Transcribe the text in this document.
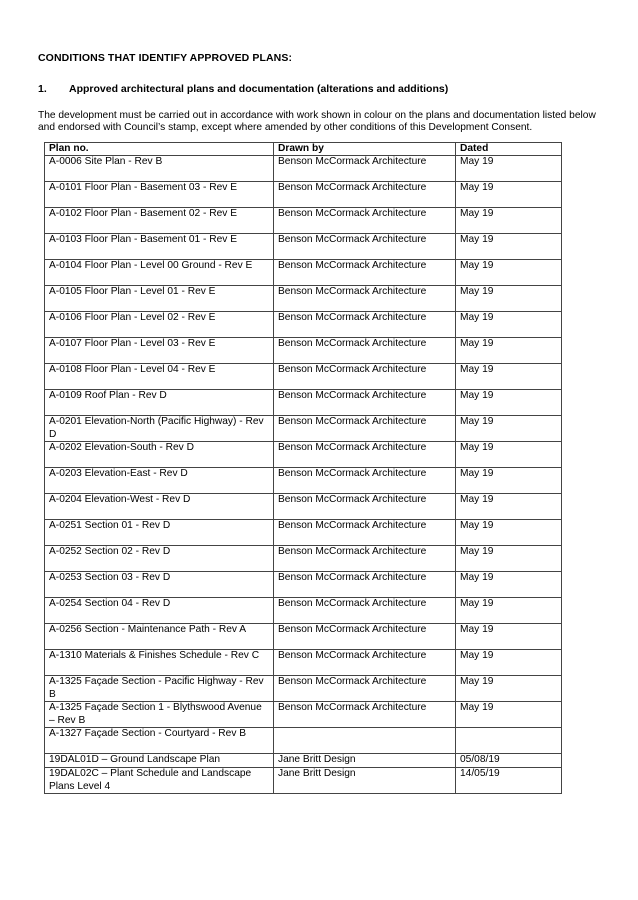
CONDITIONS THAT IDENTIFY APPROVED PLANS:

1.	Approved architectural plans and documentation (alterations and additions)
The development must be carried out in accordance with work shown in colour on the plans and documentation listed below and endorsed with Council’s stamp, except where amended by other conditions of this Development Consent.
Plan no.	Drawn by	Dated
A-0006 Site Plan - Rev B	Benson McCormack Architecture	May 19
A-0101 Floor Plan - Basement 03 - Rev E	Benson McCormack Architecture	May 19
A-0102 Floor Plan - Basement 02 - Rev E	Benson McCormack Architecture	May 19
A-0103 Floor Plan - Basement 01 - Rev E	Benson McCormack Architecture	May 19
A-0104 Floor Plan - Level 00 Ground - Rev E	Benson McCormack Architecture	May 19
A-0105 Floor Plan - Level 01 - Rev E	Benson McCormack Architecture	May 19
A-0106 Floor Plan - Level 02 - Rev E	Benson McCormack Architecture	May 19
A-0107 Floor Plan - Level 03 - Rev E	Benson McCormack Architecture	May 19
A-0108 Floor Plan - Level 04 - Rev E	Benson McCormack Architecture	May 19
A-0109 Roof Plan - Rev D	Benson McCormack Architecture	May 19
A-0201 Elevation-North (Pacific Highway) - Rev D	Benson McCormack Architecture	May 19
A-0202 Elevation-South - Rev D	Benson McCormack Architecture	May 19
A-0203 Elevation-East - Rev D	Benson McCormack Architecture	May 19
A-0204 Elevation-West - Rev D	Benson McCormack Architecture	May 19
A-0251 Section 01 - Rev D	Benson McCormack Architecture	May 19
A-0252 Section 02 - Rev D	Benson McCormack Architecture	May 19
A-0253 Section 03 - Rev D	Benson McCormack Architecture	May 19
A-0254 Section 04 - Rev D	Benson McCormack Architecture	May 19
A-0256 Section - Maintenance Path - Rev A	Benson McCormack Architecture	May 19
A-1310 Materials & Finishes Schedule - Rev C	Benson McCormack Architecture	May 19
A-1325 Façade Section - Pacific Highway - Rev B	Benson McCormack Architecture	May 19
A-1325 Façade Section 1 - Blythswood Avenue – Rev B	Benson McCormack Architecture	May 19
A-1327 Façade Section - Courtyard - Rev B		
19DAL01D – Ground Landscape Plan	Jane Britt Design	05/08/19
19DAL02C – Plant Schedule and Landscape Plans Level 4	Jane Britt Design	14/05/19
